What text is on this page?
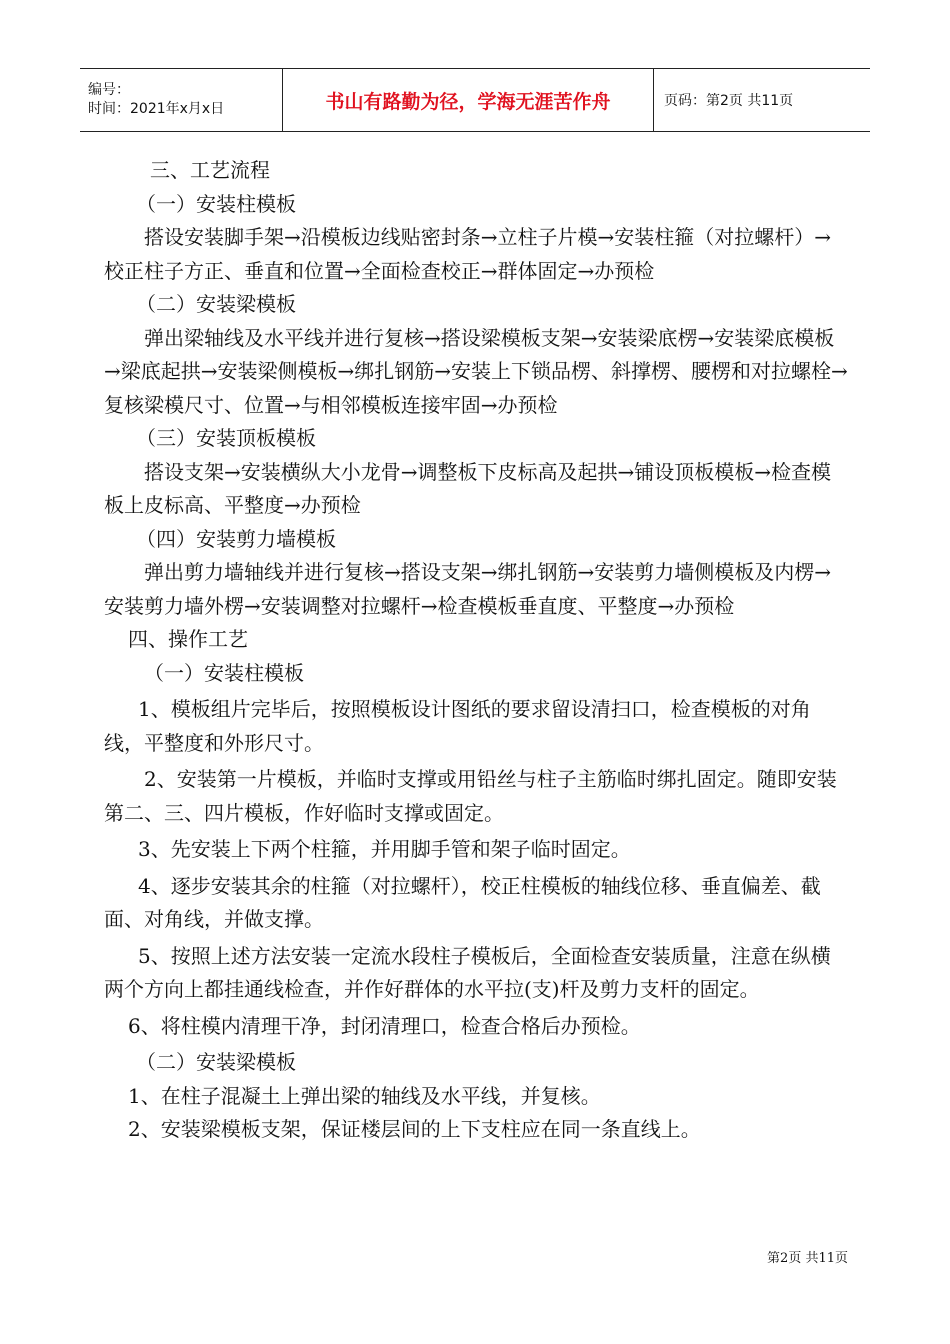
编号：
时间：2021年x月x日	书山有路勤为径，学海无涯苦作舟	页码：第2页 共11页

三、工艺流程

（一）安装柱模板

搭设安装脚手架→沿模板边线贴密封条→立柱子片模→安装柱箍（对拉螺杆）→校正柱子方正、垂直和位置→全面检查校正→群体固定→办预检

（二）安装梁模板

弹出梁轴线及水平线并进行复核→搭设梁模板支架→安装梁底楞→安装梁底模板→梁底起拱→安装梁侧模板→绑扎钢筋→安装上下锁品楞、斜撑楞、腰楞和对拉螺栓→复核梁模尺寸、位置→与相邻模板连接牢固→办预检

（三）安装顶板模板

搭设支架→安装横纵大小龙骨→调整板下皮标高及起拱→铺设顶板模板→检查模板上皮标高、平整度→办预检

（四）安装剪力墙模板

弹出剪力墙轴线并进行复核→搭设支架→绑扎钢筋→安装剪力墙侧模板及内楞→安装剪力墙外楞→安装调整对拉螺杆→检查模板垂直度、平整度→办预检

四、操作工艺

（一）安装柱模板

1、模板组片完毕后，按照模板设计图纸的要求留设清扫口，检查模板的对角线，平整度和外形尺寸。

2、安装第一片模板，并临时支撑或用铅丝与柱子主筋临时绑扎固定。随即安装第二、三、四片模板，作好临时支撑或固定。

3、先安装上下两个柱箍，并用脚手管和架子临时固定。

4、逐步安装其余的柱箍（对拉螺杆），校正柱模板的轴线位移、垂直偏差、截面、对角线，并做支撑。

5、按照上述方法安装一定流水段柱子模板后，全面检查安装质量，注意在纵横两个方向上都挂通线检查，并作好群体的水平拉(支)杆及剪力支杆的固定。

6、将柱模内清理干净，封闭清理口，检查合格后办预检。

（二）安装梁模板

1、在柱子混凝土上弹出梁的轴线及水平线，并复核。

2、安装梁模板支架，保证楼层间的上下支柱应在同一条直线上。

第2页 共11页
